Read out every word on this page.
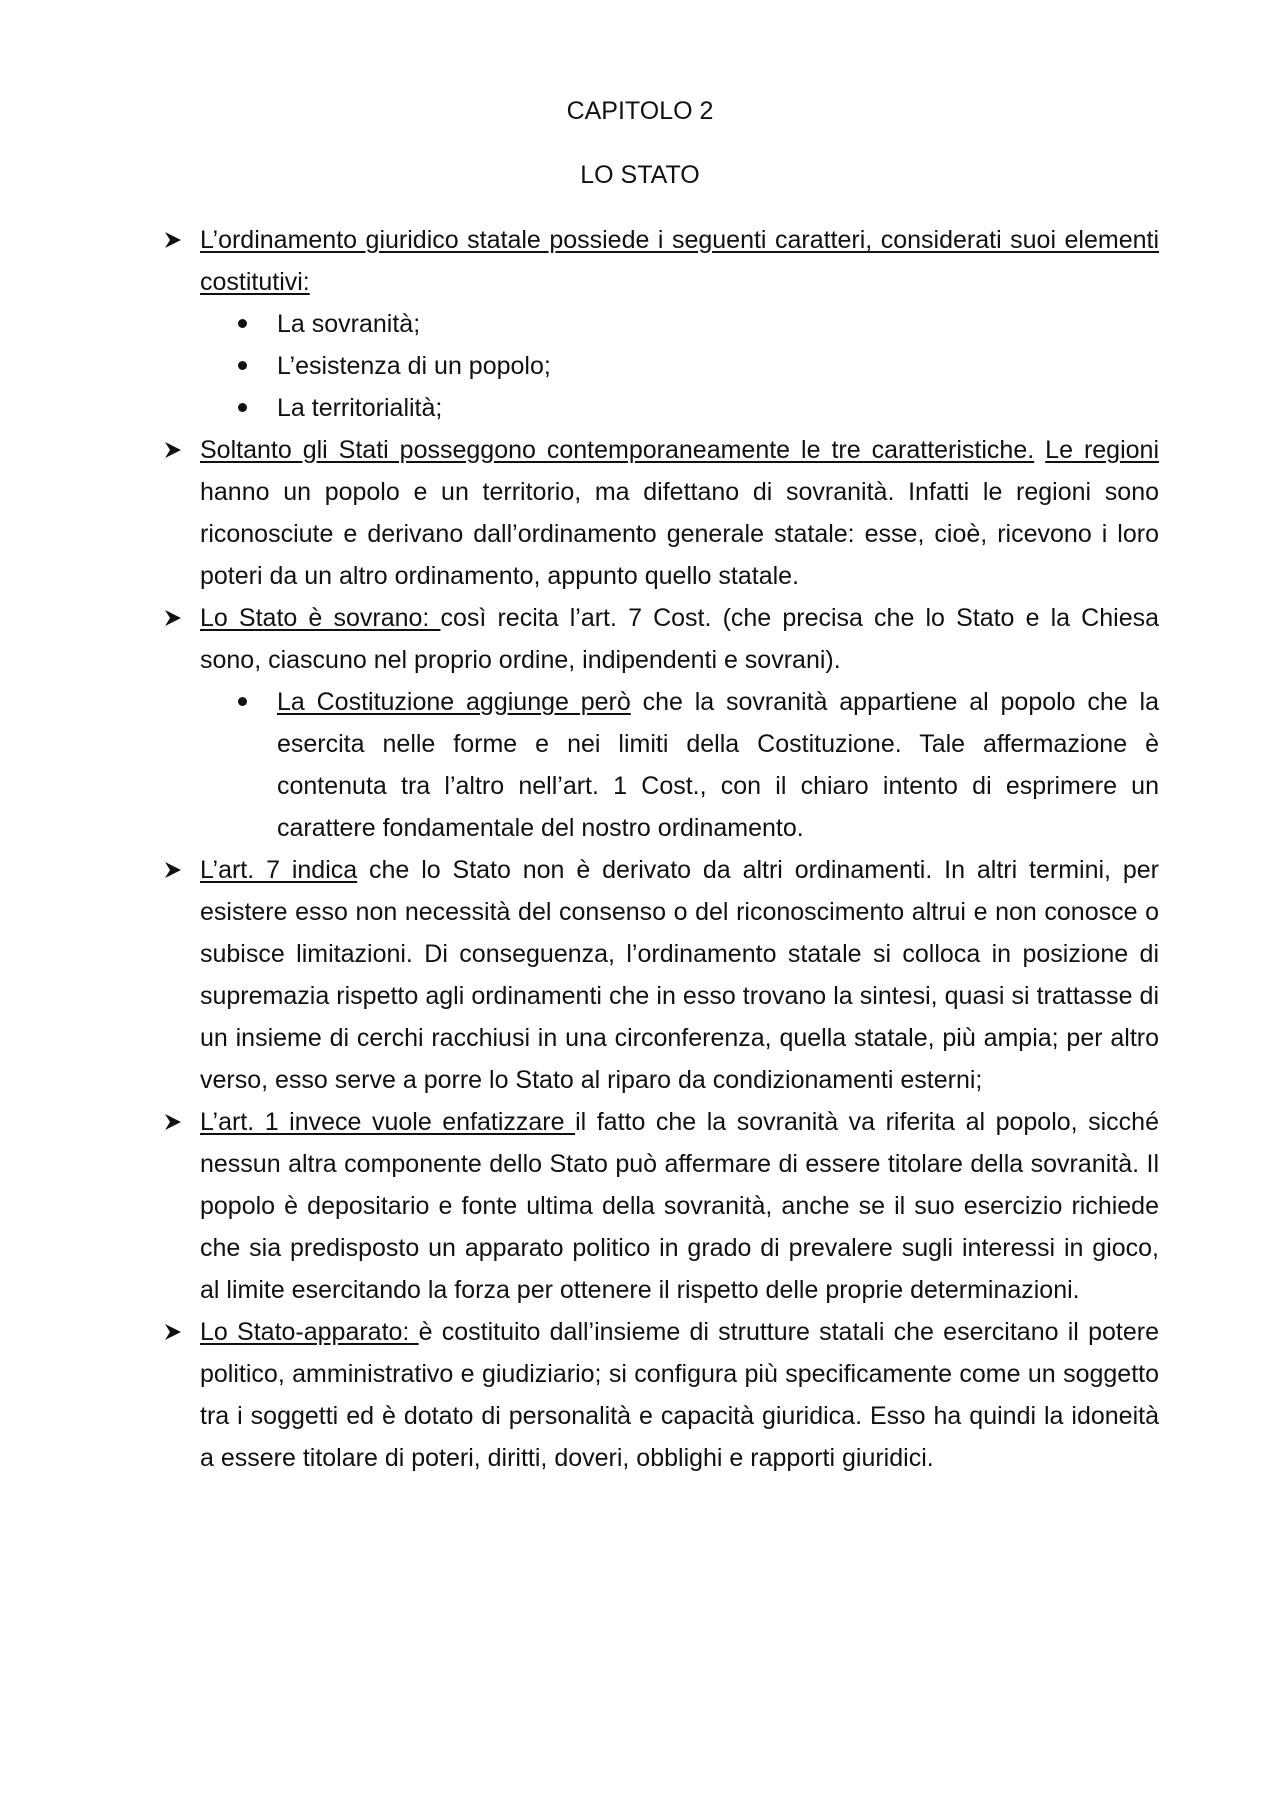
CAPITOLO 2
LO STATO
L’ordinamento giuridico statale possiede i seguenti caratteri, considerati suoi elementi costitutivi:
La sovranità;
L’esistenza di un popolo;
La territorialità;
Soltanto gli Stati posseggono contemporaneamente le tre caratteristiche. Le regioni hanno un popolo e un territorio, ma difettano di sovranità. Infatti le regioni sono riconosciute e derivano dall’ordinamento generale statale: esse, cioè, ricevono i loro poteri da un altro ordinamento, appunto quello statale.
Lo Stato è sovrano: così recita l’art. 7 Cost. (che precisa che lo Stato e la Chiesa sono, ciascuno nel proprio ordine, indipendenti e sovrani).
La Costituzione aggiunge però che la sovranità appartiene al popolo che la esercita nelle forme e nei limiti della Costituzione. Tale affermazione è contenuta tra l’altro nell’art. 1 Cost., con il chiaro intento di esprimere un carattere fondamentale del nostro ordinamento.
L’art. 7 indica che lo Stato non è derivato da altri ordinamenti. In altri termini, per esistere esso non necessità del consenso o del riconoscimento altrui e non conosce o subisce limitazioni. Di conseguenza, l’ordinamento statale si colloca in posizione di supremazia rispetto agli ordinamenti che in esso trovano la sintesi, quasi si trattasse di un insieme di cerchi racchiusi in una circonferenza, quella statale, più ampia; per altro verso, esso serve a porre lo Stato al riparo da condizionamenti esterni;
L’art. 1 invece vuole enfatizzare il fatto che la sovranità va riferita al popolo, sicché nessun altra componente dello Stato può affermare di essere titolare della sovranità. Il popolo è depositario e fonte ultima della sovranità, anche se il suo esercizio richiede che sia predisposto un apparato politico in grado di prevalere sugli interessi in gioco, al limite esercitando la forza per ottenere il rispetto delle proprie determinazioni.
Lo Stato-apparato: è costituito dall’insieme di strutture statali che esercitano il potere politico, amministrativo e giudiziario; si configura più specificamente come un soggetto tra i soggetti ed è dotato di personalità e capacità giuridica. Esso ha quindi la idoneità a essere titolare di poteri, diritti, doveri, obblighi e rapporti giuridici.
